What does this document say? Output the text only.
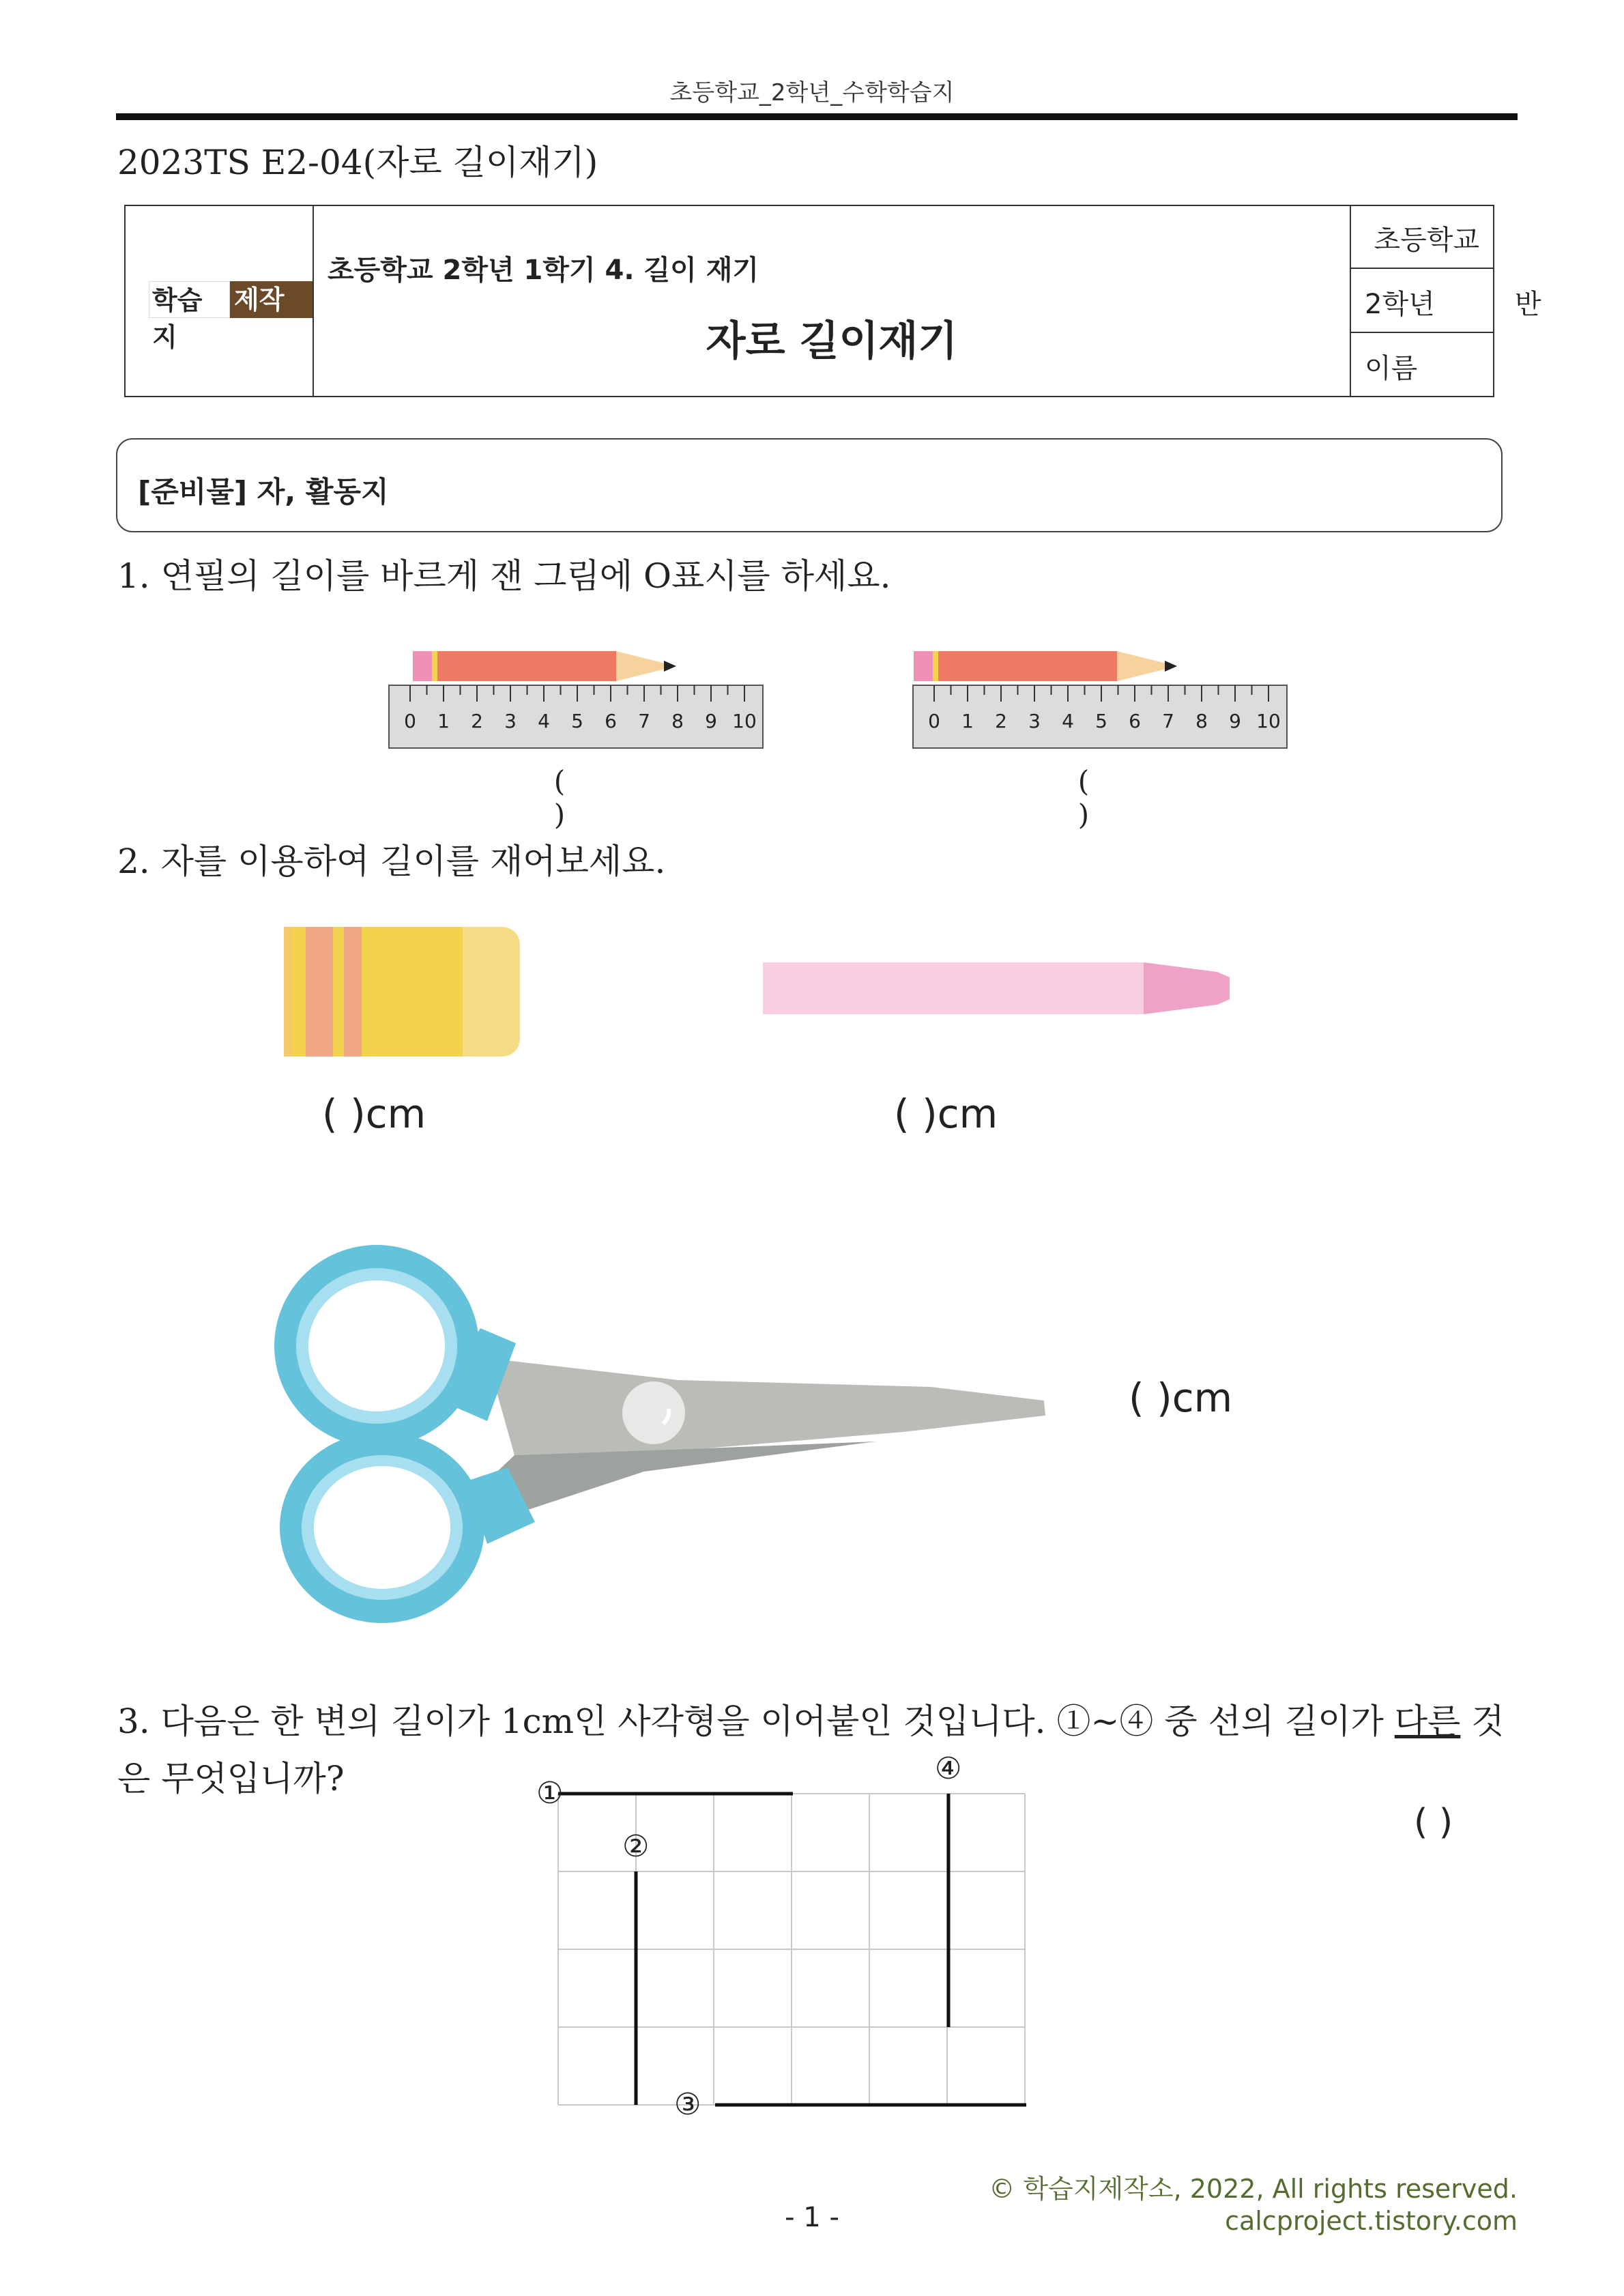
초등학교_2학년_수학학습지
2023TS E2-04(자로 길이재기)
학습지
제작소
초등학교 2학년 1학기 4. 길이 재기
자로 길이재기
초등학교
2학년	반
이름
[준비물] 자, 활동지
1. 연필의 길이를 바르게 잰 그림에 O표시를 하세요.
0 1 2 3 4 5 6 7 8 9 10
( )
0 1 2 3 4 5 6 7 8 9 10
( )
2. 자를 이용하여 길이를 재어보세요.
( )cm	( )cm
( )cm
3. 다음은 한 변의 길이가 1cm인 사각형을 이어붙인 것입니다. ①~④ 중 선의 길이가 다른 것은 무엇입니까?	①
②
③
④
( )
© 학습지제작소, 2022, All rights reserved.
calcproject.tistory.com
- 1 -
